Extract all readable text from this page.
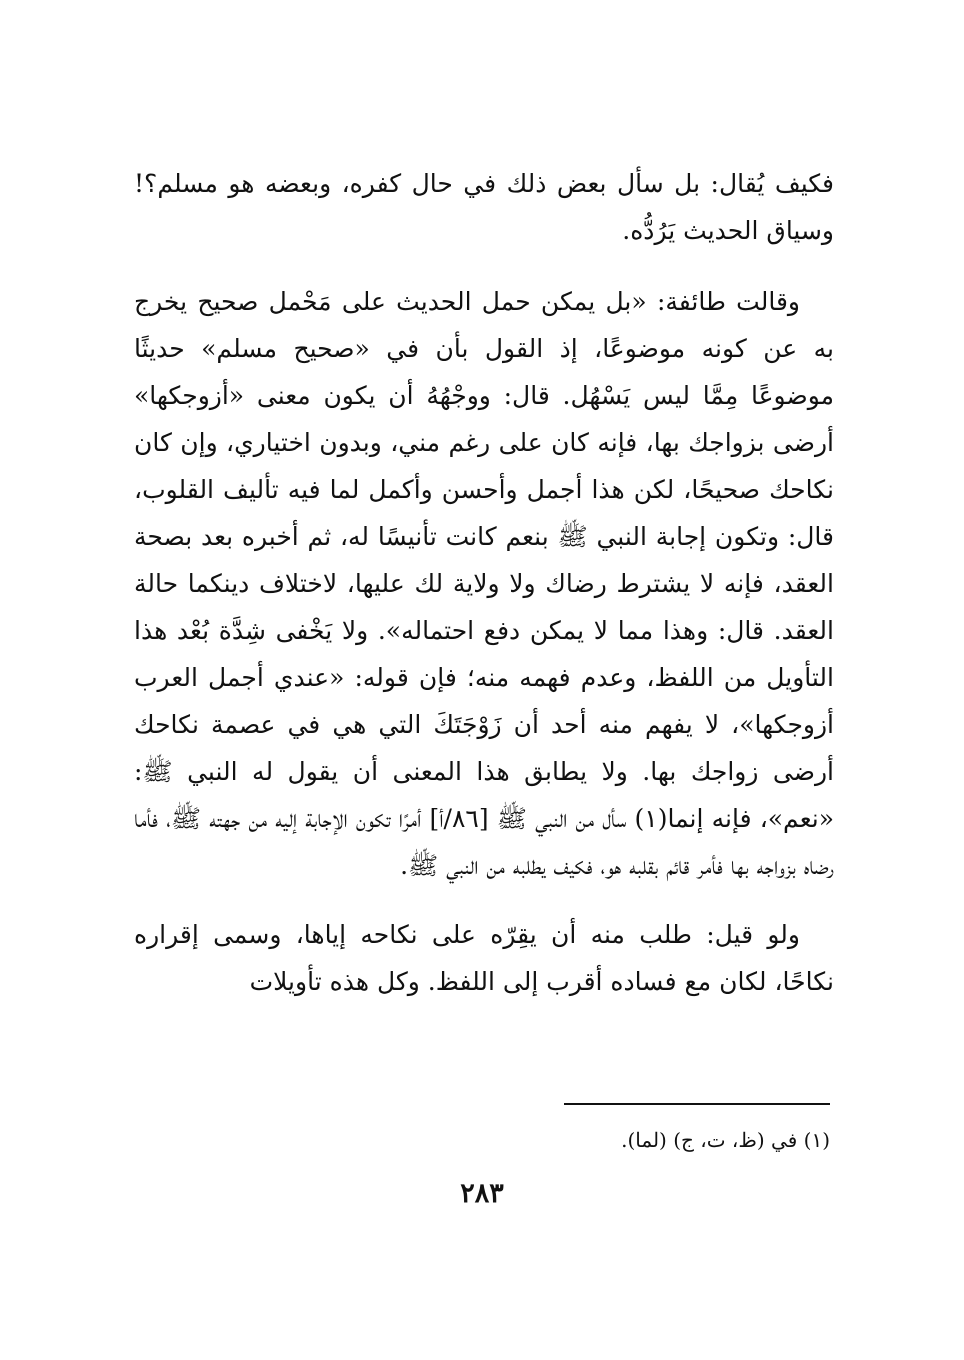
فكيف يُقال: بل سأل بعض ذلك في حال كفره، وبعضه هو مسلم؟! وسياق الحديث يَرُدُّه.

وقالت طائفة: «بل يمكن حمل الحديث على مَحْمل صحيح يخرج به عن كونه موضوعًا، إذ القول بأن في «صحيح مسلم» حديثًا موضوعًا مِمَّا ليس يَسْهُل. قال: ووجْهُهُ أن يكون معنى «أزوجكها» أرضى بزواجك بها، فإنه كان على رغم مني، وبدون اختياري، وإن كان نكاحك صحيحًا، لكن هذا أجمل وأحسن وأكمل لما فيه تأليف القلوب، قال: وتكون إجابة النبي ﷺ بنعم كانت تأنيسًا له، ثم أخبره بعد بصحة العقد، فإنه لا يشترط رضاك ولا ولاية لك عليها، لاختلاف دينكما حالة العقد. قال: وهذا مما لا يمكن دفع احتماله». ولا يَخْفى شِدَّة بُعْد هذا التأويل من اللفظ، وعدم فهمه منه؛ فإن قوله: «عندي أجمل العرب أزوجكها»، لا يفهم منه أحد أن زَوْجَتَكَ التي هي في عصمة نكاحك أرضى زواجك بها. ولا يطابق هذا المعنى أن يقول له النبي ﷺ: «نعم»، فإنه إنما(١) سأل من النبي ﷺ [٨٦/أ] أمرًا تكون الإجابة إليه من جهته ﷺ، فأما رضاه بزواجه بها فأمر قائم بقلبه هو، فكيف يطلبه من النبي ﷺ.

ولو قيل: طلب منه أن يقِرّه على نكاحه إياها، وسمى إقراره نكاحًا، لكان مع فساده أقرب إلى اللفظ. وكل هذه تأويلات

(١) في (ظ، ت، ج) (لما).
٢٨٣
